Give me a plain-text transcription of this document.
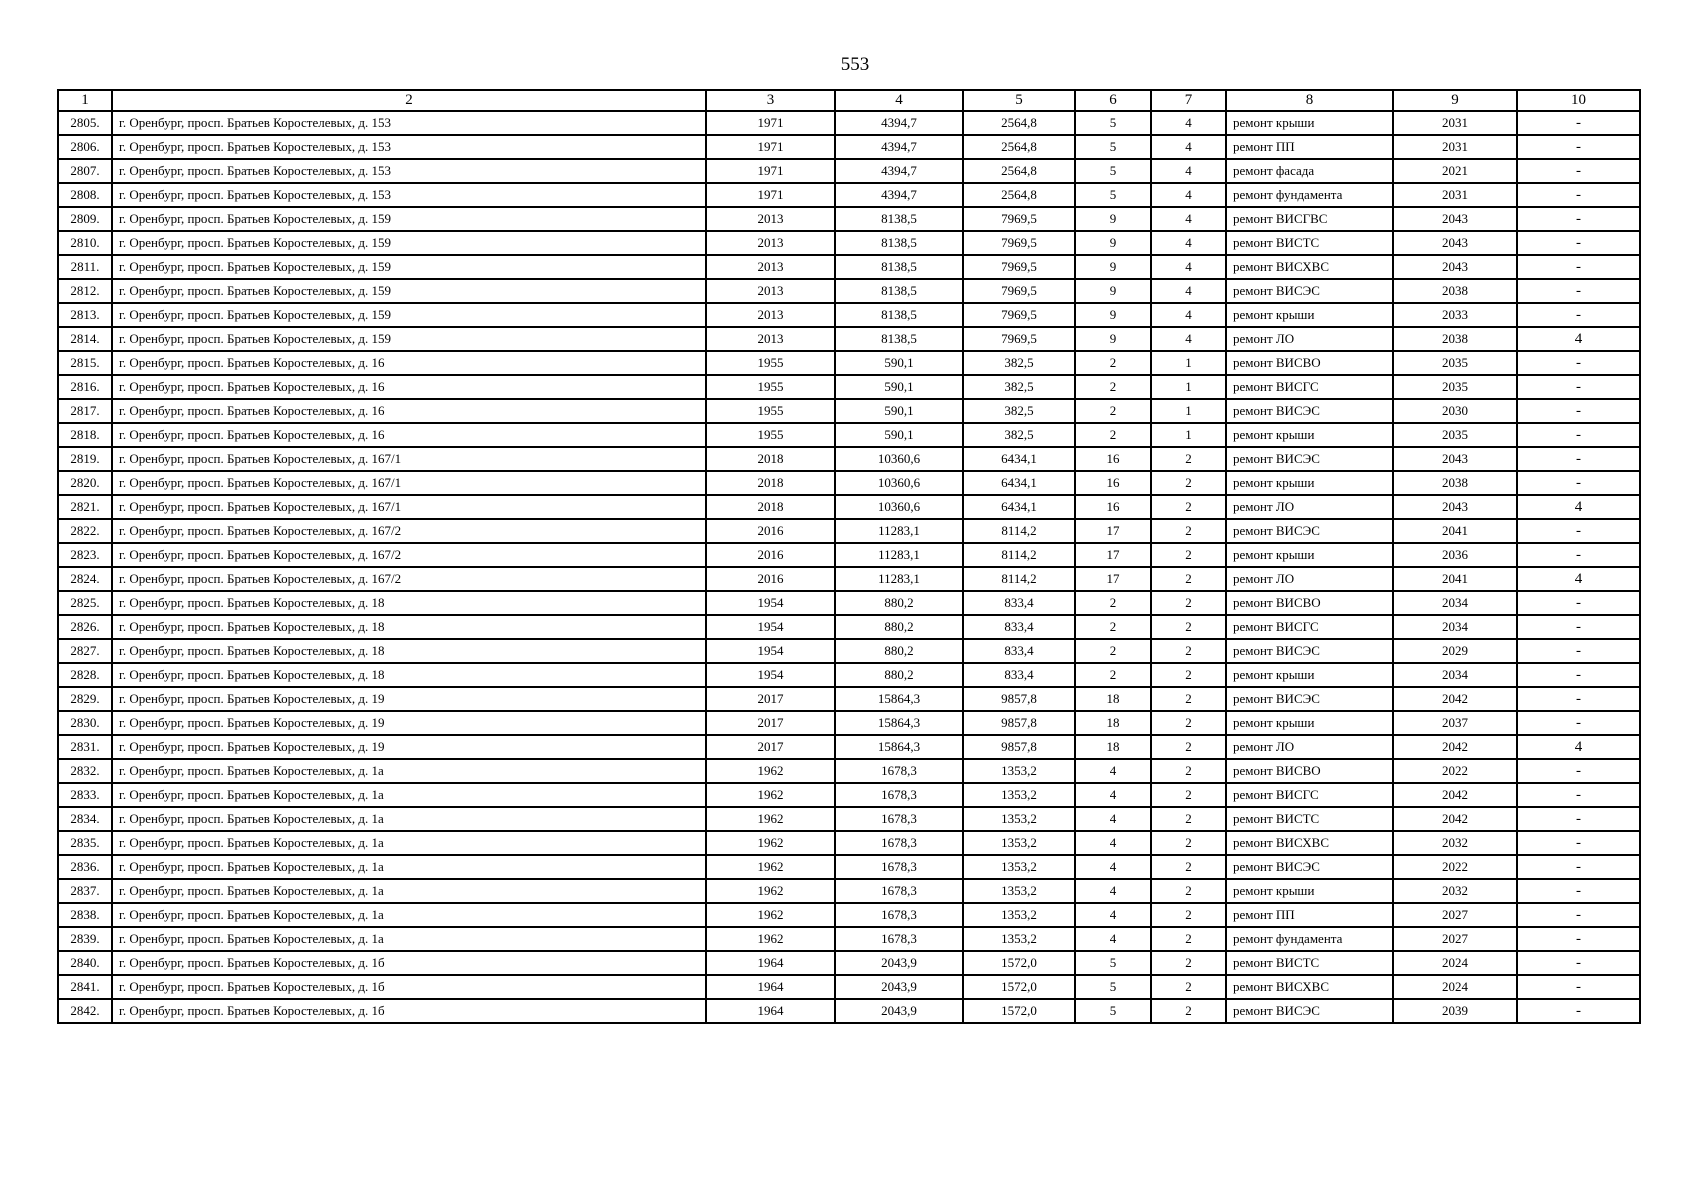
553
1	2	3	4	5	6	7	8	9	10
2805.	г. Оренбург, просп. Братьев Коростелевых, д. 153	1971	4394,7	2564,8	5	4	ремонт крыши	2031	-
2806.	г. Оренбург, просп. Братьев Коростелевых, д. 153	1971	4394,7	2564,8	5	4	ремонт ПП	2031	-
2807.	г. Оренбург, просп. Братьев Коростелевых, д. 153	1971	4394,7	2564,8	5	4	ремонт фасада	2021	-
2808.	г. Оренбург, просп. Братьев Коростелевых, д. 153	1971	4394,7	2564,8	5	4	ремонт фундамента	2031	-
2809.	г. Оренбург, просп. Братьев Коростелевых, д. 159	2013	8138,5	7969,5	9	4	ремонт ВИСГВС	2043	-
2810.	г. Оренбург, просп. Братьев Коростелевых, д. 159	2013	8138,5	7969,5	9	4	ремонт ВИСТС	2043	-
2811.	г. Оренбург, просп. Братьев Коростелевых, д. 159	2013	8138,5	7969,5	9	4	ремонт ВИСХВС	2043	-
2812.	г. Оренбург, просп. Братьев Коростелевых, д. 159	2013	8138,5	7969,5	9	4	ремонт ВИСЭС	2038	-
2813.	г. Оренбург, просп. Братьев Коростелевых, д. 159	2013	8138,5	7969,5	9	4	ремонт крыши	2033	-
2814.	г. Оренбург, просп. Братьев Коростелевых, д. 159	2013	8138,5	7969,5	9	4	ремонт ЛО	2038	4
2815.	г. Оренбург, просп. Братьев Коростелевых, д. 16	1955	590,1	382,5	2	1	ремонт ВИСВО	2035	-
2816.	г. Оренбург, просп. Братьев Коростелевых, д. 16	1955	590,1	382,5	2	1	ремонт ВИСГС	2035	-
2817.	г. Оренбург, просп. Братьев Коростелевых, д. 16	1955	590,1	382,5	2	1	ремонт ВИСЭС	2030	-
2818.	г. Оренбург, просп. Братьев Коростелевых, д. 16	1955	590,1	382,5	2	1	ремонт крыши	2035	-
2819.	г. Оренбург, просп. Братьев Коростелевых, д. 167/1	2018	10360,6	6434,1	16	2	ремонт ВИСЭС	2043	-
2820.	г. Оренбург, просп. Братьев Коростелевых, д. 167/1	2018	10360,6	6434,1	16	2	ремонт крыши	2038	-
2821.	г. Оренбург, просп. Братьев Коростелевых, д. 167/1	2018	10360,6	6434,1	16	2	ремонт ЛО	2043	4
2822.	г. Оренбург, просп. Братьев Коростелевых, д. 167/2	2016	11283,1	8114,2	17	2	ремонт ВИСЭС	2041	-
2823.	г. Оренбург, просп. Братьев Коростелевых, д. 167/2	2016	11283,1	8114,2	17	2	ремонт крыши	2036	-
2824.	г. Оренбург, просп. Братьев Коростелевых, д. 167/2	2016	11283,1	8114,2	17	2	ремонт ЛО	2041	4
2825.	г. Оренбург, просп. Братьев Коростелевых, д. 18	1954	880,2	833,4	2	2	ремонт ВИСВО	2034	-
2826.	г. Оренбург, просп. Братьев Коростелевых, д. 18	1954	880,2	833,4	2	2	ремонт ВИСГС	2034	-
2827.	г. Оренбург, просп. Братьев Коростелевых, д. 18	1954	880,2	833,4	2	2	ремонт ВИСЭС	2029	-
2828.	г. Оренбург, просп. Братьев Коростелевых, д. 18	1954	880,2	833,4	2	2	ремонт крыши	2034	-
2829.	г. Оренбург, просп. Братьев Коростелевых, д. 19	2017	15864,3	9857,8	18	2	ремонт ВИСЭС	2042	-
2830.	г. Оренбург, просп. Братьев Коростелевых, д. 19	2017	15864,3	9857,8	18	2	ремонт крыши	2037	-
2831.	г. Оренбург, просп. Братьев Коростелевых, д. 19	2017	15864,3	9857,8	18	2	ремонт ЛО	2042	4
2832.	г. Оренбург, просп. Братьев Коростелевых, д. 1а	1962	1678,3	1353,2	4	2	ремонт ВИСВО	2022	-
2833.	г. Оренбург, просп. Братьев Коростелевых, д. 1а	1962	1678,3	1353,2	4	2	ремонт ВИСГС	2042	-
2834.	г. Оренбург, просп. Братьев Коростелевых, д. 1а	1962	1678,3	1353,2	4	2	ремонт ВИСТС	2042	-
2835.	г. Оренбург, просп. Братьев Коростелевых, д. 1а	1962	1678,3	1353,2	4	2	ремонт ВИСХВС	2032	-
2836.	г. Оренбург, просп. Братьев Коростелевых, д. 1а	1962	1678,3	1353,2	4	2	ремонт ВИСЭС	2022	-
2837.	г. Оренбург, просп. Братьев Коростелевых, д. 1а	1962	1678,3	1353,2	4	2	ремонт крыши	2032	-
2838.	г. Оренбург, просп. Братьев Коростелевых, д. 1а	1962	1678,3	1353,2	4	2	ремонт ПП	2027	-
2839.	г. Оренбург, просп. Братьев Коростелевых, д. 1а	1962	1678,3	1353,2	4	2	ремонт фундамента	2027	-
2840.	г. Оренбург, просп. Братьев Коростелевых, д. 1б	1964	2043,9	1572,0	5	2	ремонт ВИСТС	2024	-
2841.	г. Оренбург, просп. Братьев Коростелевых, д. 1б	1964	2043,9	1572,0	5	2	ремонт ВИСХВС	2024	-
2842.	г. Оренбург, просп. Братьев Коростелевых, д. 1б	1964	2043,9	1572,0	5	2	ремонт ВИСЭС	2039	-
